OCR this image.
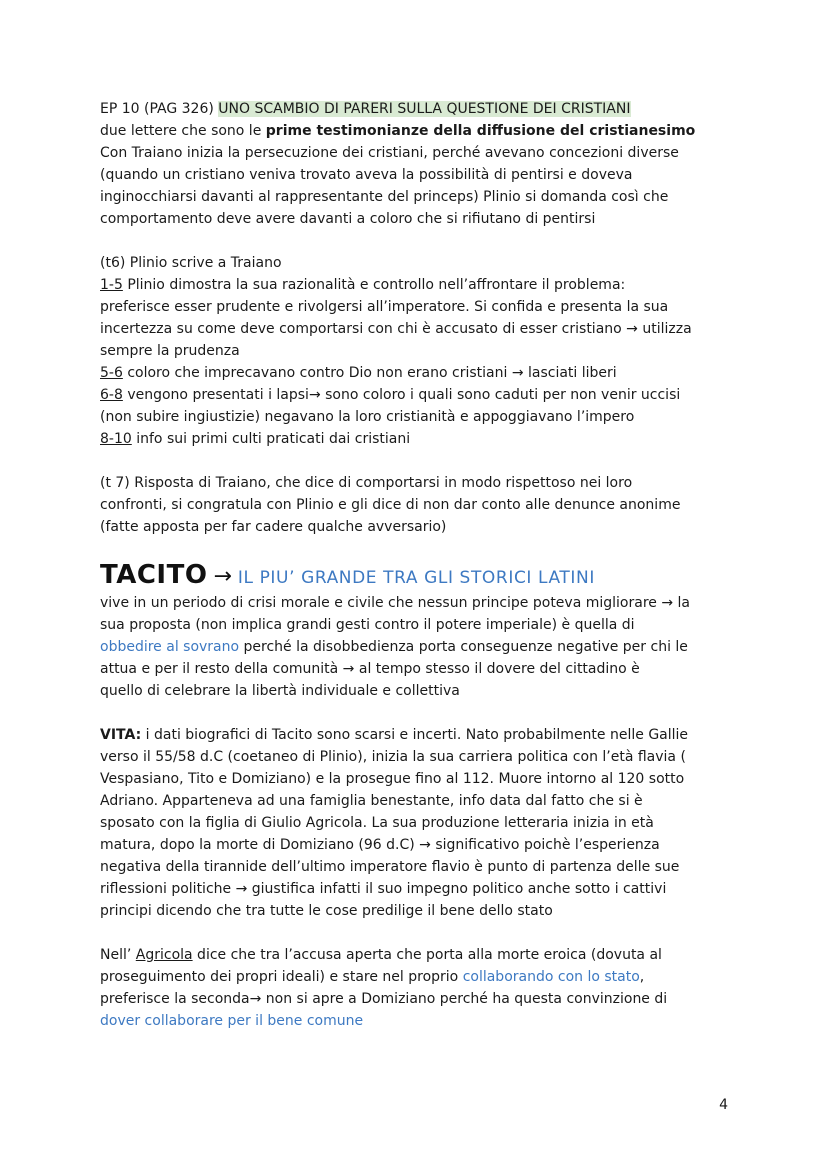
EP 10 (PAG 326) UNO SCAMBIO DI PARERI SULLA QUESTIONE DEI CRISTIANI
due lettere che sono le prime testimonianze della diffusione del cristianesimo
Con Traiano inizia la persecuzione dei cristiani, perché avevano concezioni diverse
(quando un cristiano veniva trovato aveva la possibilità di pentirsi e doveva
inginocchiarsi davanti al rappresentante del princeps) Plinio si domanda così che
comportamento deve avere davanti a coloro che si rifiutano di pentirsi
(t6) Plinio scrive a Traiano
1-5 Plinio dimostra la sua razionalità e controllo nell’affrontare il problema:
preferisce esser prudente e rivolgersi all’imperatore. Si confida e presenta la sua
incertezza su come deve comportarsi con chi è accusato di esser cristiano → utilizza
sempre la prudenza
5-6 coloro che imprecavano contro Dio non erano cristiani → lasciati liberi
6-8 vengono presentati i lapsi→ sono coloro i quali sono caduti per non venir uccisi
(non subire ingiustizie) negavano la loro cristianità e appoggiavano l’impero
8-10 info sui primi culti praticati dai cristiani
(t 7) Risposta di Traiano, che dice di comportarsi in modo rispettoso nei loro
confronti, si congratula con Plinio e gli dice di non dar conto alle denunce anonime
(fatte apposta per far cadere qualche avversario)
TACITO → IL PIU’ GRANDE TRA GLI STORICI LATINI
vive in un periodo di crisi morale e civile che nessun principe poteva migliorare → la
sua proposta (non implica grandi gesti contro il potere imperiale) è quella di
obbedire al sovrano perché la disobbedienza porta conseguenze negative per chi le
attua e per il resto della comunità → al tempo stesso il dovere del cittadino è
quello di celebrare la libertà individuale e collettiva
VITA: i dati biografici di Tacito sono scarsi e incerti. Nato probabilmente nelle Gallie
verso il 55/58 d.C (coetaneo di Plinio), inizia la sua carriera politica con l’età flavia (
Vespasiano, Tito e Domiziano) e la prosegue fino al 112. Muore intorno al 120 sotto
Adriano. Apparteneva ad una famiglia benestante, info data dal fatto che si è
sposato con la figlia di Giulio Agricola. La sua produzione letteraria inizia in età
matura, dopo la morte di Domiziano (96 d.C) → significativo poichè l’esperienza
negativa della tirannide dell’ultimo imperatore flavio è punto di partenza delle sue
riflessioni politiche → giustifica infatti il suo impegno politico anche sotto i cattivi
principi dicendo che tra tutte le cose predilige il bene dello stato
Nell’ Agricola dice che tra l’accusa aperta che porta alla morte eroica (dovuta al
proseguimento dei propri ideali) e stare nel proprio collaborando con lo stato,
preferisce la seconda→ non si apre a Domiziano perché ha questa convinzione di
dover collaborare per il bene comune
4
